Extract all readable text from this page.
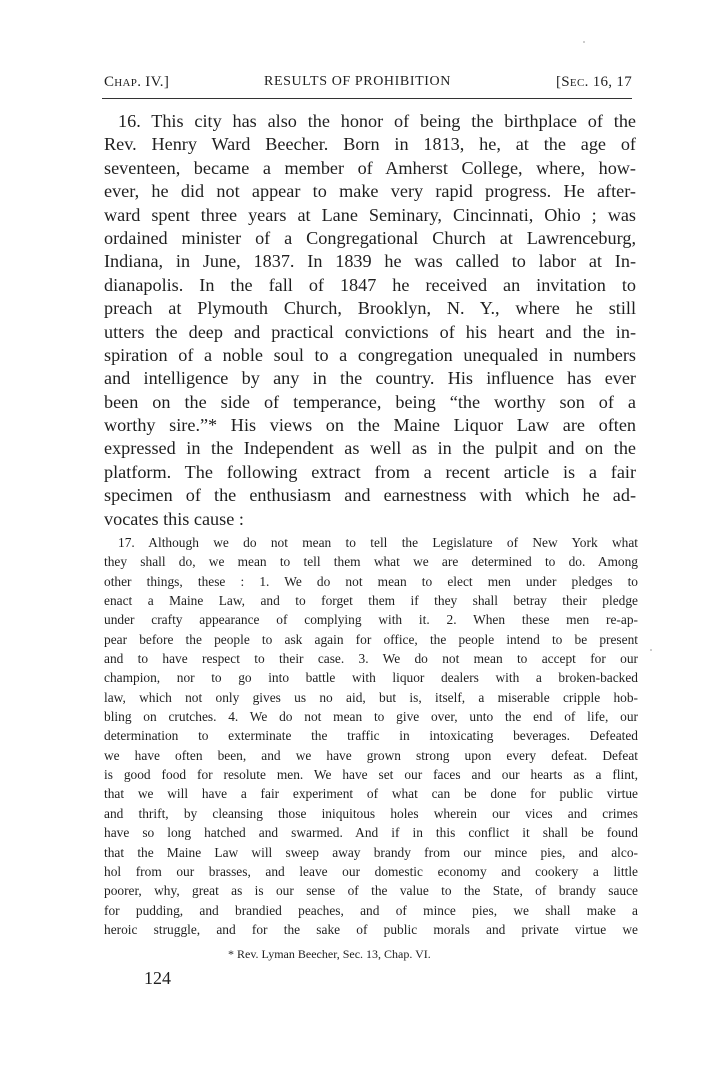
Chap. IV.]	RESULTS OF PROHIBITION	[Sec. 16, 17
16. This city has also the honor of being the birthplace of the
Rev. Henry Ward Beecher. Born in 1813, he, at the age of
seventeen, became a member of Amherst College, where, how-
ever, he did not appear to make very rapid progress. He after-
ward spent three years at Lane Seminary, Cincinnati, Ohio ; was
ordained minister of a Congregational Church at Lawrenceburg,
Indiana, in June, 1837. In 1839 he was called to labor at In-
dianapolis. In the fall of 1847 he received an invitation to
preach at Plymouth Church, Brooklyn, N. Y., where he still
utters the deep and practical convictions of his heart and the in-
spiration of a noble soul to a congregation unequaled in numbers
and intelligence by any in the country. His influence has ever
been on the side of temperance, being “the worthy son of a
worthy sire.”* His views on the Maine Liquor Law are often
expressed in the Independent as well as in the pulpit and on the
platform. The following extract from a recent article is a fair
specimen of the enthusiasm and earnestness with which he ad-
vocates this cause :
17. Although we do not mean to tell the Legislature of New York what
they shall do, we mean to tell them what we are determined to do. Among
other things, these : 1. We do not mean to elect men under pledges to
enact a Maine Law, and to forget them if they shall betray their pledge
under crafty appearance of complying with it. 2. When these men re-ap-
pear before the people to ask again for office, the people intend to be present
and to have respect to their case. 3. We do not mean to accept for our
champion, nor to go into battle with liquor dealers with a broken-backed
law, which not only gives us no aid, but is, itself, a miserable cripple hob-
bling on crutches. 4. We do not mean to give over, unto the end of life, our
determination to exterminate the traffic in intoxicating beverages. Defeated
we have often been, and we have grown strong upon every defeat. Defeat
is good food for resolute men. We have set our faces and our hearts as a flint,
that we will have a fair experiment of what can be done for public virtue
and thrift, by cleansing those iniquitous holes wherein our vices and crimes
have so long hatched and swarmed. And if in this conflict it shall be found
that the Maine Law will sweep away brandy from our mince pies, and alco-
hol from our brasses, and leave our domestic economy and cookery a little
poorer, why, great as is our sense of the value to the State, of brandy sauce
for pudding, and brandied peaches, and of mince pies, we shall make a
heroic struggle, and for the sake of public morals and private virtue we
* Rev. Lyman Beecher, Sec. 13, Chap. VI.
124
